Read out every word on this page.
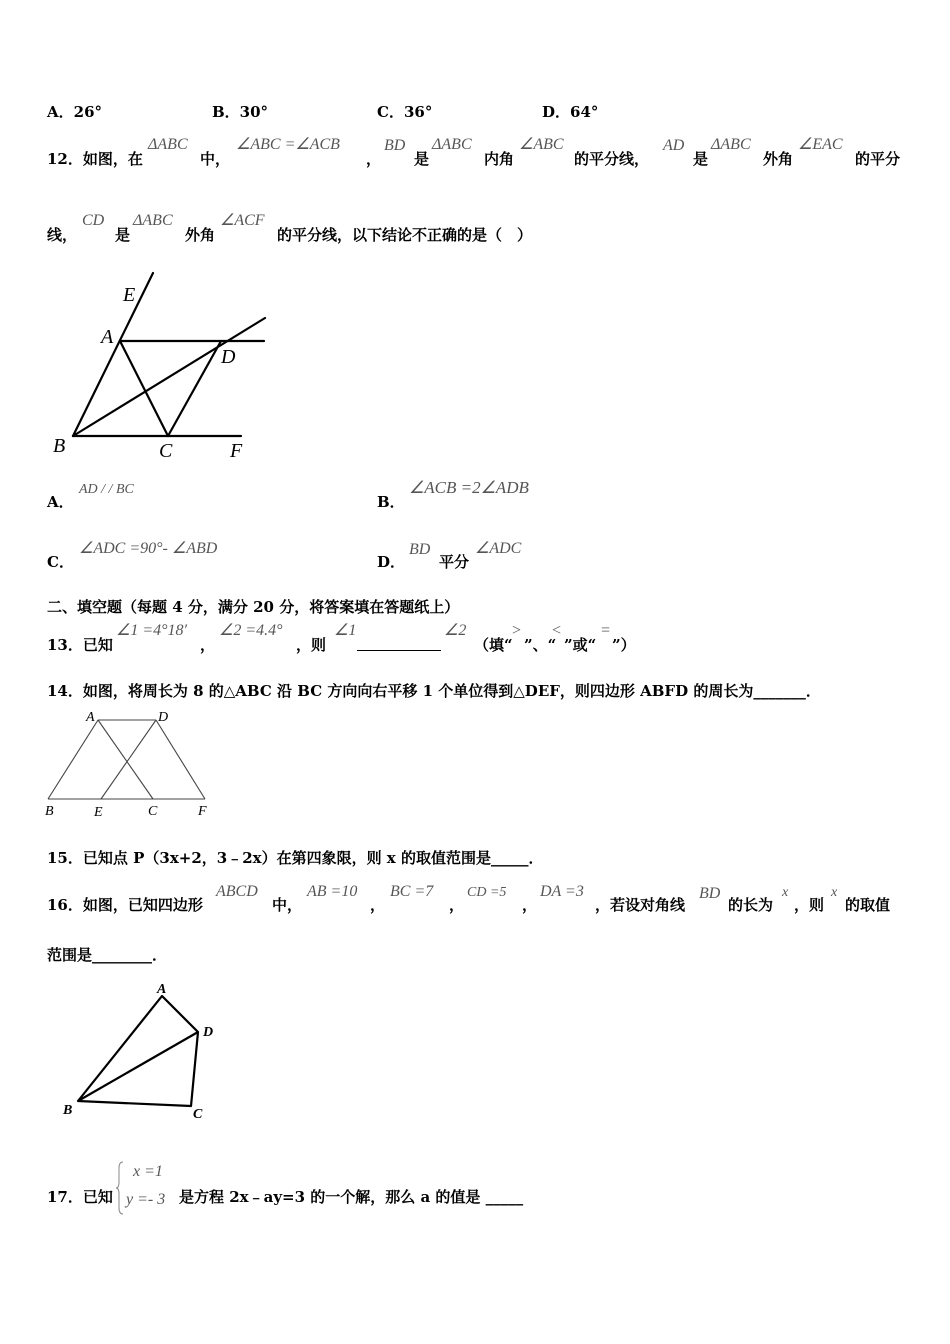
A．26°	B．30°	C．36°	D．64°
12．如图，在
ΔABC
中，
∠ABC =∠ACB
，
BD
是
ΔABC
内角
∠ABC
的平分线，
AD
是
ΔABC
外角
∠EAC
的平分
线，
CD
是
ΔABC
外角
∠ACF
的平分线，以下结论不正确的是（　）
E
A
D
B	C	F
A．
AD / / BC
B．
∠ACB =2∠ADB
C．
∠ADC =90°- ∠ABD
D．
BD
平分
∠ADC
二、填空题（每题 4 分，满分 20 分，将答案填在答题纸上）
13．已知
∠1 =4°18′
，
∠2 =4.4°
，则
∠1	∠2
（填“
>
”、“
<
”或“
=
”）
14．如图，将周长为 8 的△ABC 沿 BC 方向向右平移 1 个单位得到△DEF，则四边形 ABFD 的周长为_______．
A	D
B	E	C	F
15．已知点 P（3x+2，3﹣2x）在第四象限，则 x 的取值范围是_____．
16．如图，已知四边形
ABCD
中，
AB =10
，
BC =7
，
CD =5
，
DA =3
，若设对角线
BD
的长为
x
，则
x
的取值
范围是________．
A
D
B	C
17．已知
x =1
y =- 3 是方程 2x﹣ay=3 的一个解，那么 a 的值是 _____
